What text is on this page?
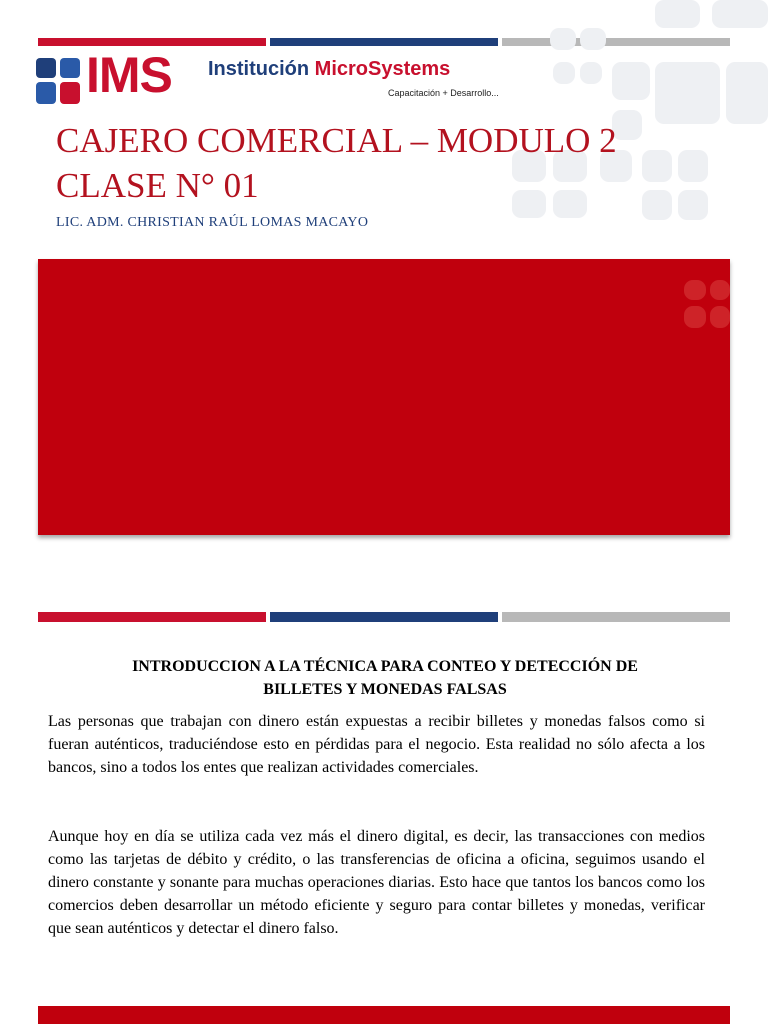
IMS Institución MicroSystems
Capacitación + Desarrollo...
CAJERO COMERCIAL – MODULO 2
CLASE N° 01
LIC. ADM. CHRISTIAN RAÚL LOMAS MACAYO
INTRODUCCION A LA TÉCNICA PARA CONTEO Y DETECCIÓN DE
BILLETES Y MONEDAS FALSAS

Las personas que trabajan con dinero están expuestas a recibir billetes y monedas falsos como si fueran auténticos, traduciéndose esto en pérdidas para el negocio. Esta realidad no sólo afecta a los bancos, sino a todos los entes que realizan actividades comerciales.

Aunque hoy en día se utiliza cada vez más el dinero digital, es decir, las transacciones con medios como las tarjetas de débito y crédito, o las transferencias de oficina a oficina, seguimos usando el dinero constante y sonante para muchas operaciones diarias. Esto hace que tantos los bancos como los comercios deben desarrollar un método eficiente y seguro para contar billetes y monedas, verificar que sean auténticos y detectar el dinero falso.
